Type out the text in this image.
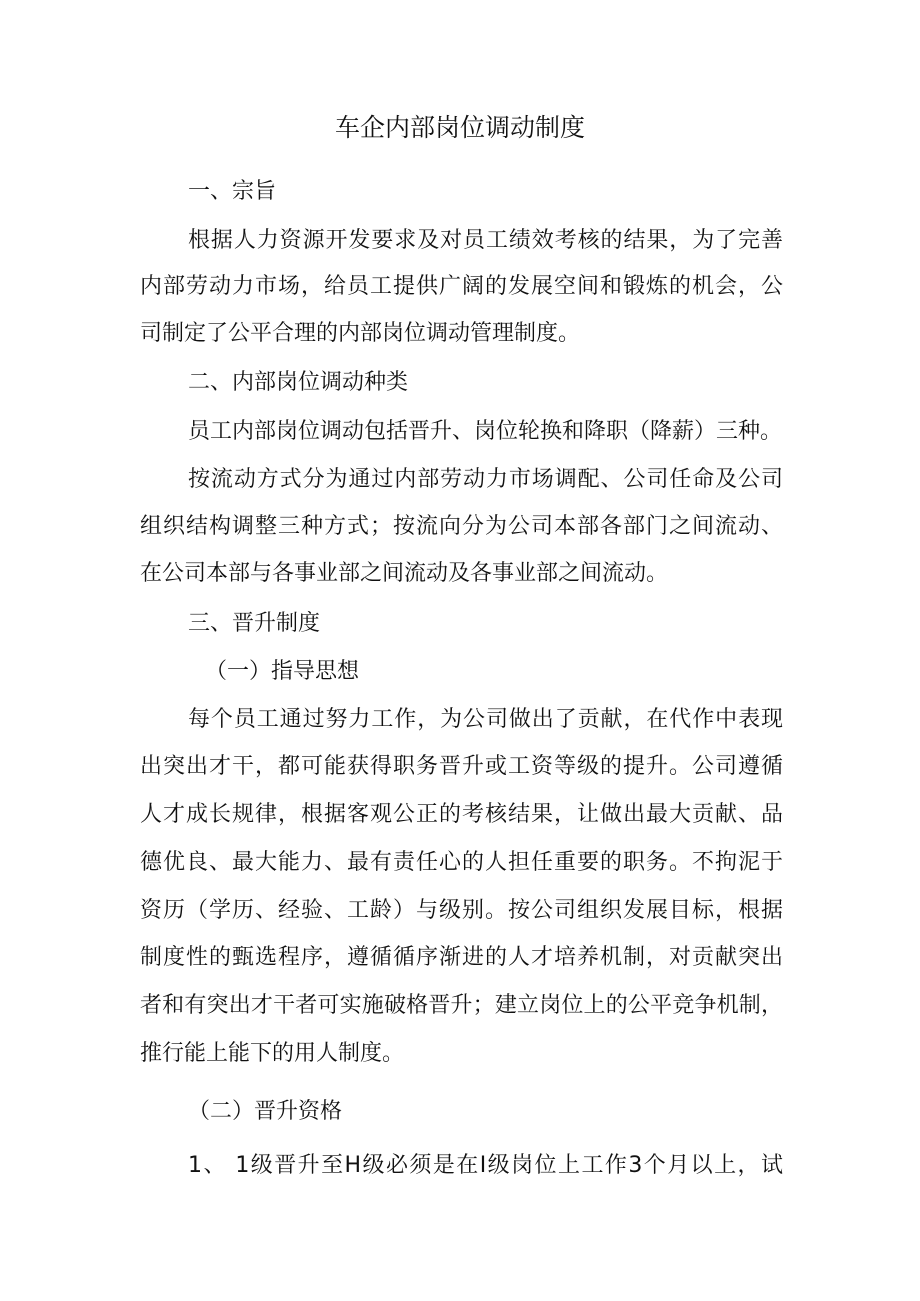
车企内部岗位调动制度
一、宗旨
根据人力资源开发要求及对员工绩效考核的结果，为了完善
内部劳动力市场，给员工提供广阔的发展空间和锻炼的机会，公
司制定了公平合理的内部岗位调动管理制度。
二、内部岗位调动种类
员工内部岗位调动包括晋升、岗位轮换和降职（降薪）三种。
按流动方式分为通过内部劳动力市场调配、公司任命及公司
组织结构调整三种方式；按流向分为公司本部各部门之间流动、
在公司本部与各事业部之间流动及各事业部之间流动。
三、晋升制度
（一）指导思想
每个员工通过努力工作，为公司做出了贡献，在代作中表现
出突出才干，都可能获得职务晋升或工资等级的提升。公司遵循
人才成长规律，根据客观公正的考核结果，让做出最大贡献、品
德优良、最大能力、最有责任心的人担任重要的职务。不拘泥于
资历（学历、经验、工龄）与级别。按公司组织发展目标，根据
制度性的甄选程序，遵循循序渐进的人才培养机制，对贡献突出
者和有突出才干者可实施破格晋升；建立岗位上的公平竞争机制，
推行能上能下的用人制度。
（二）晋升资格
1、 1级晋升至H级必须是在I级岗位上工作3个月以上，试
